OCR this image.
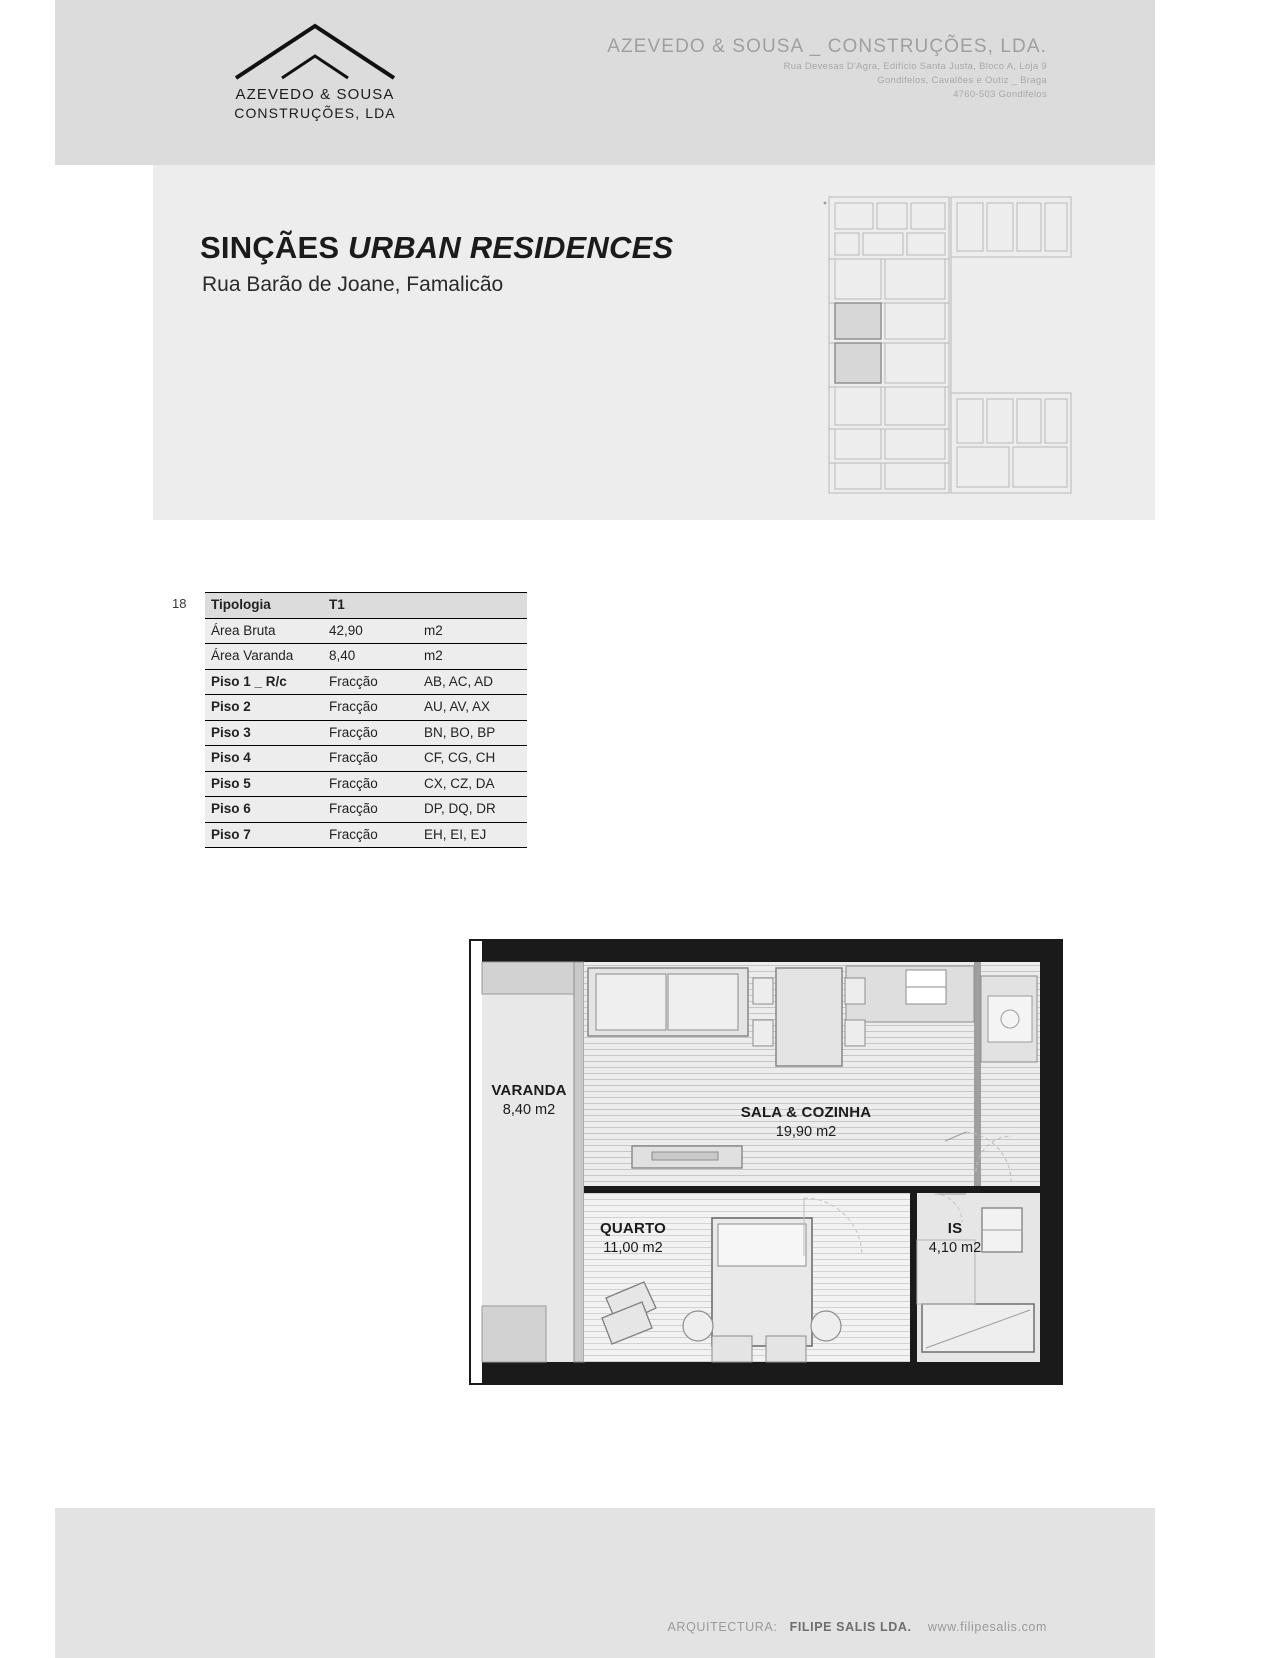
AZEVEDO & SOUSA
CONSTRUÇÕES, LDA
AZEVEDO & SOUSA _ CONSTRUÇÕES, LDA.
Rua Devesas D'Agra, Edifício Santa Justa, Bloco A, Loja 9
Gondifelos, Cavalões e Outiz _ Braga
4760-503 Gondifelos
SINÇÃES URBAN RESIDENCES
Rua Barão de Joane, Famalicão
18 Tipologia	T1	
Área Bruta	42,90	m2
Área Varanda	8,40	m2
Piso 1 _ R/c	Fracção	AB, AC, AD
Piso 2	Fracção	AU, AV, AX
Piso 3	Fracção	BN, BO, BP
Piso 4	Fracção	CF, CG, CH
Piso 5	Fracção	CX, CZ, DA
Piso 6	Fracção	DP, DQ, DR
Piso 7	Fracção	EH, EI, EJ
VARANDA
8,40 m2	SALA & COZINHA
19,90 m2
QUARTO
11,00 m2
IS
4,10 m2
ARQUITECTURA: FILIPE SALIS LDA. www.filipesalis.com
